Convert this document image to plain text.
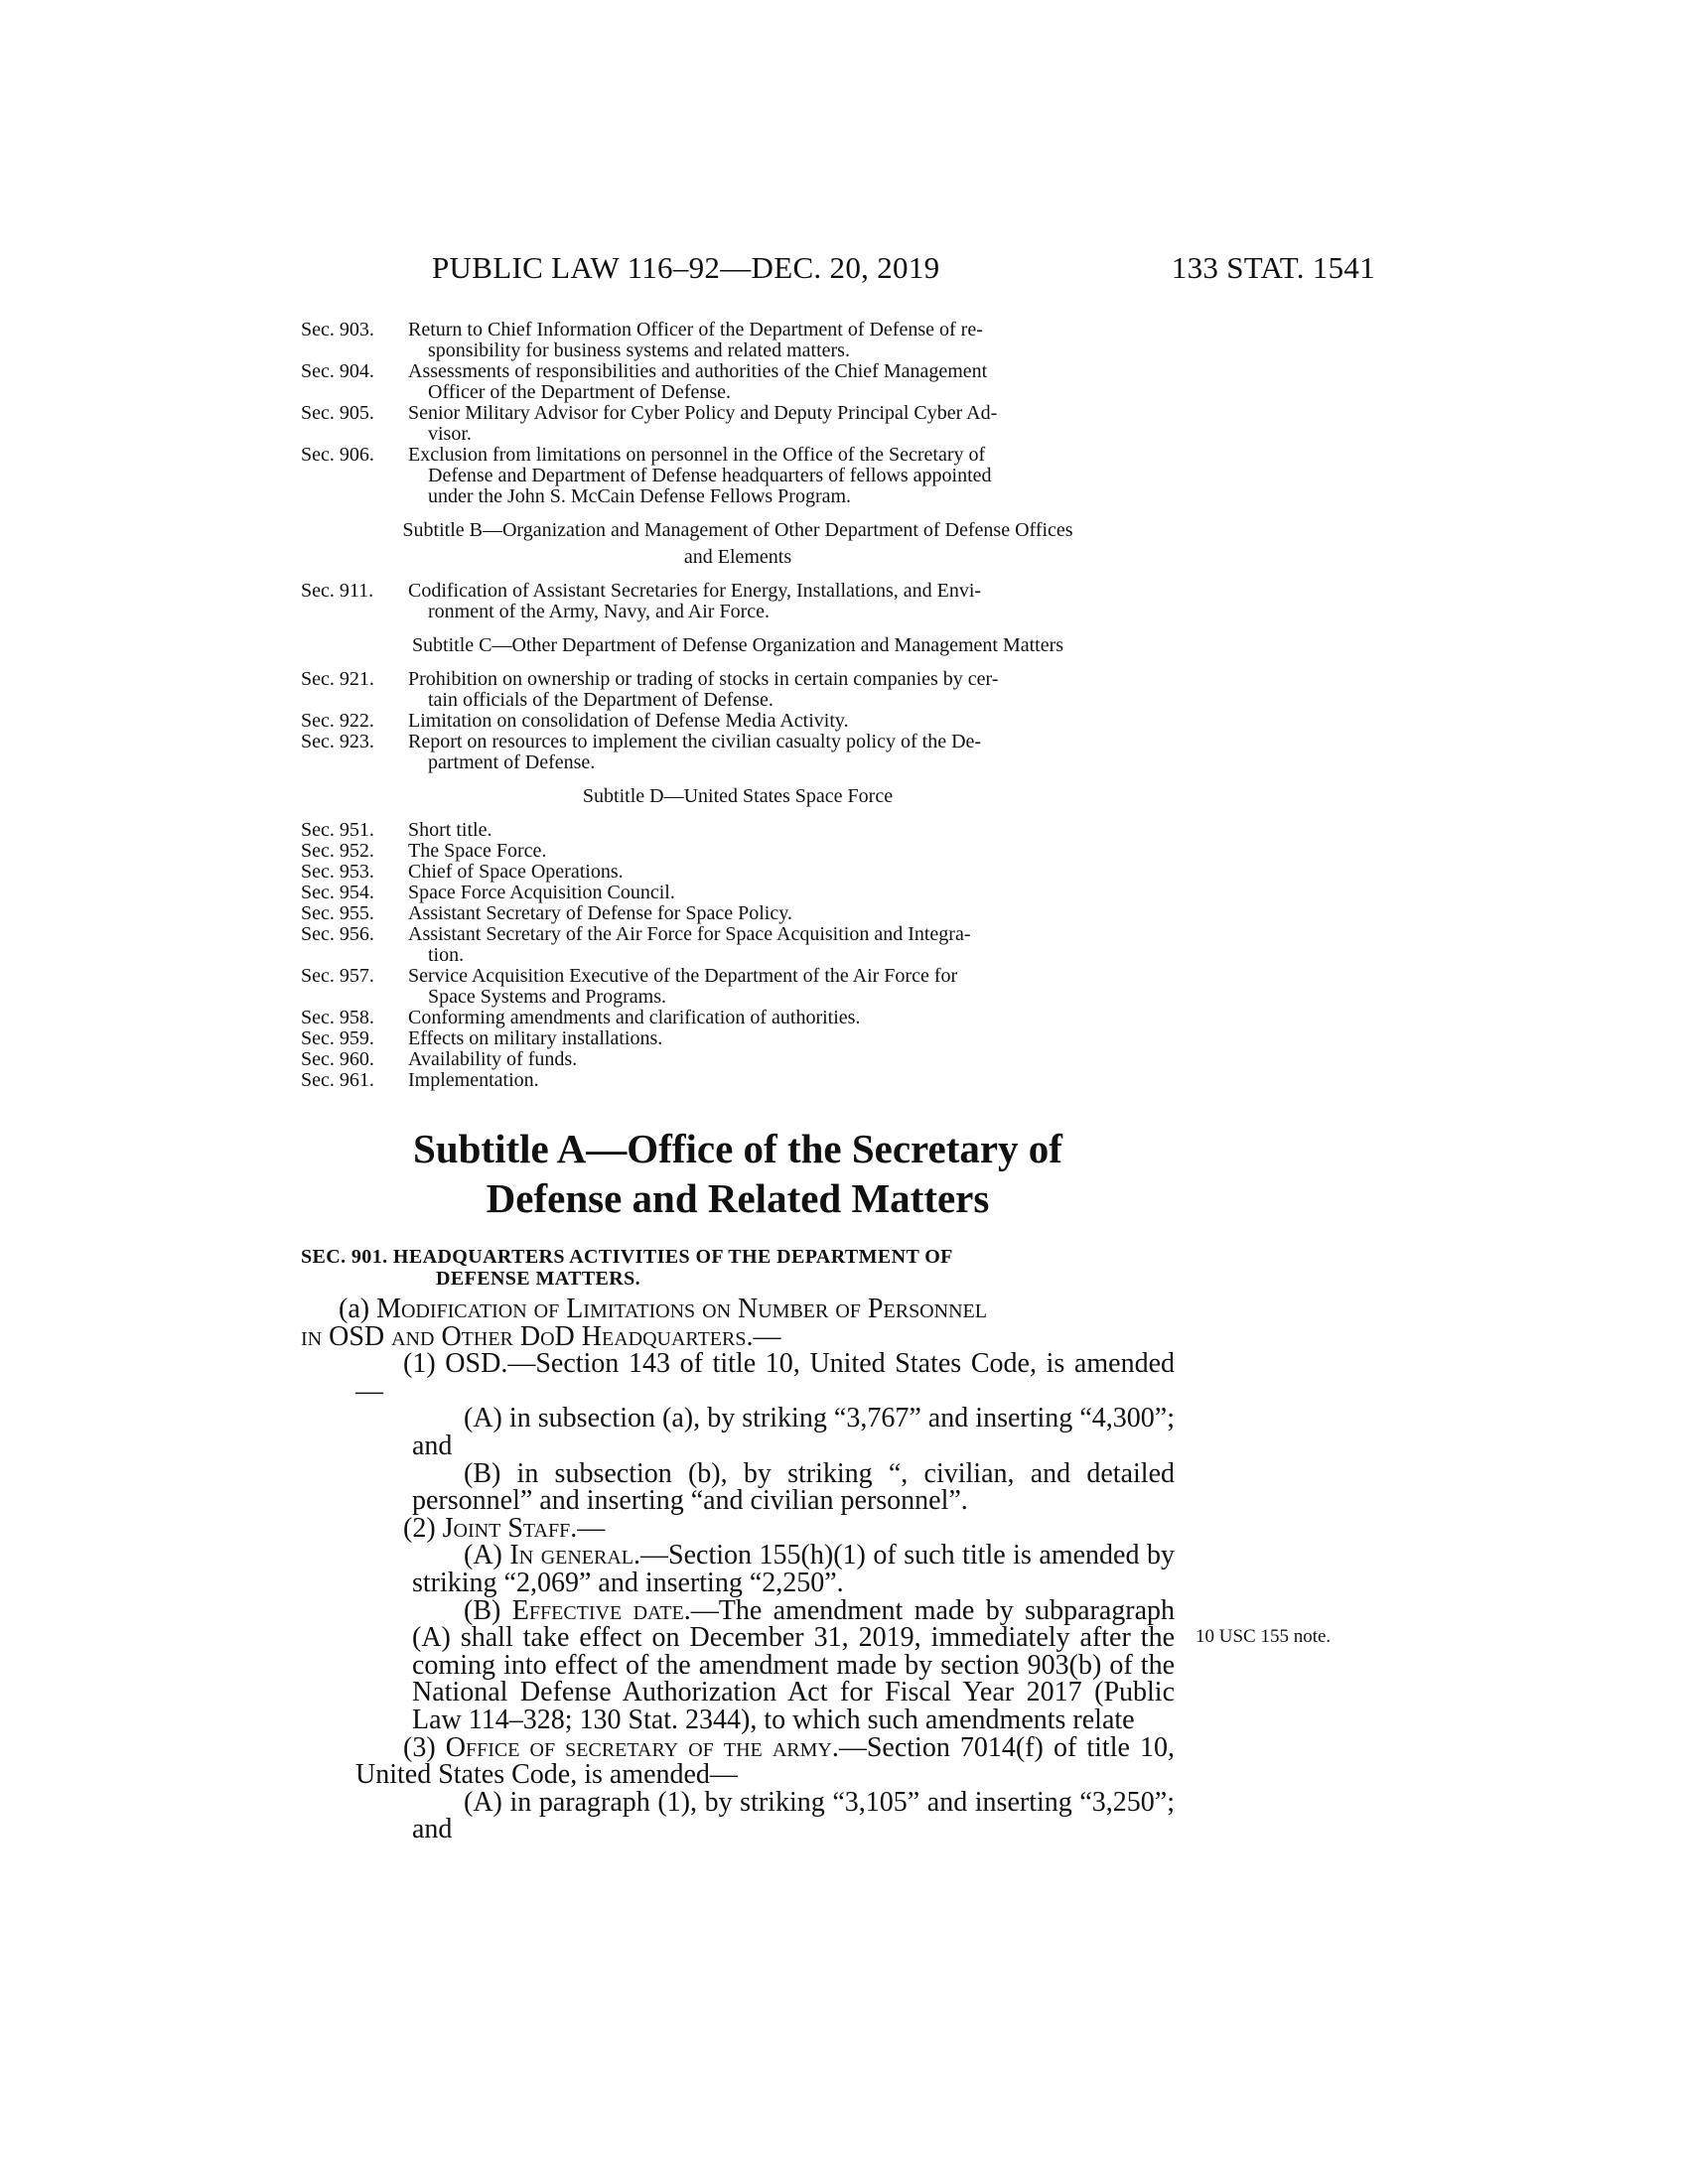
PUBLIC LAW 116–92—DEC. 20, 2019	133 STAT. 1541
Sec. 903. Return to Chief Information Officer of the Department of Defense of re-
sponsibility for business systems and related matters.
Sec. 904. Assessments of responsibilities and authorities of the Chief Management
Officer of the Department of Defense.
Sec. 905. Senior Military Advisor for Cyber Policy and Deputy Principal Cyber Ad-
visor.
Sec. 906. Exclusion from limitations on personnel in the Office of the Secretary of
Defense and Department of Defense headquarters of fellows appointed
under the John S. McCain Defense Fellows Program.
Subtitle B—Organization and Management of Other Department of Defense Offices
and Elements
Sec. 911. Codification of Assistant Secretaries for Energy, Installations, and Envi-
ronment of the Army, Navy, and Air Force.
Subtitle C—Other Department of Defense Organization and Management Matters
Sec. 921. Prohibition on ownership or trading of stocks in certain companies by cer-
tain officials of the Department of Defense.
Sec. 922. Limitation on consolidation of Defense Media Activity.
Sec. 923. Report on resources to implement the civilian casualty policy of the De-
partment of Defense.
Subtitle D—United States Space Force
Sec. 951. Short title.
Sec. 952. The Space Force.
Sec. 953. Chief of Space Operations.
Sec. 954. Space Force Acquisition Council.
Sec. 955. Assistant Secretary of Defense for Space Policy.
Sec. 956. Assistant Secretary of the Air Force for Space Acquisition and Integra-
tion.
Sec. 957. Service Acquisition Executive of the Department of the Air Force for
Space Systems and Programs.
Sec. 958. Conforming amendments and clarification of authorities.
Sec. 959. Effects on military installations.
Sec. 960. Availability of funds.
Sec. 961. Implementation.
Subtitle A—Office of the Secretary of
Defense and Related Matters
SEC. 901. HEADQUARTERS ACTIVITIES OF THE DEPARTMENT OF
DEFENSE MATTERS.

(a) Modification of Limitations on Number of Personnel
in OSD and Other DoD Headquarters.—

(1) OSD.—Section 143 of title 10, United States Code, is amended—

(A) in subsection (a), by striking “3,767” and inserting “4,300”; and

(B) in subsection (b), by striking “, civilian, and detailed personnel” and inserting “and civilian personnel”.

(2) Joint Staff.—

(A) In general.—Section 155(h)(1) of such title is amended by striking “2,069” and inserting “2,250”.

(B) Effective date.—The amendment made by subparagraph (A) shall take effect on December 31, 2019, immediately after the coming into effect of the amendment made by section 903(b) of the National Defense Authorization Act for Fiscal Year 2017 (Public Law 114–328; 130 Stat. 2344), to which such amendments relate

(3) Office of secretary of the army.—Section 7014(f) of title 10, United States Code, is amended—

(A) in paragraph (1), by striking “3,105” and inserting “3,250”; and

10 USC 155 note.
